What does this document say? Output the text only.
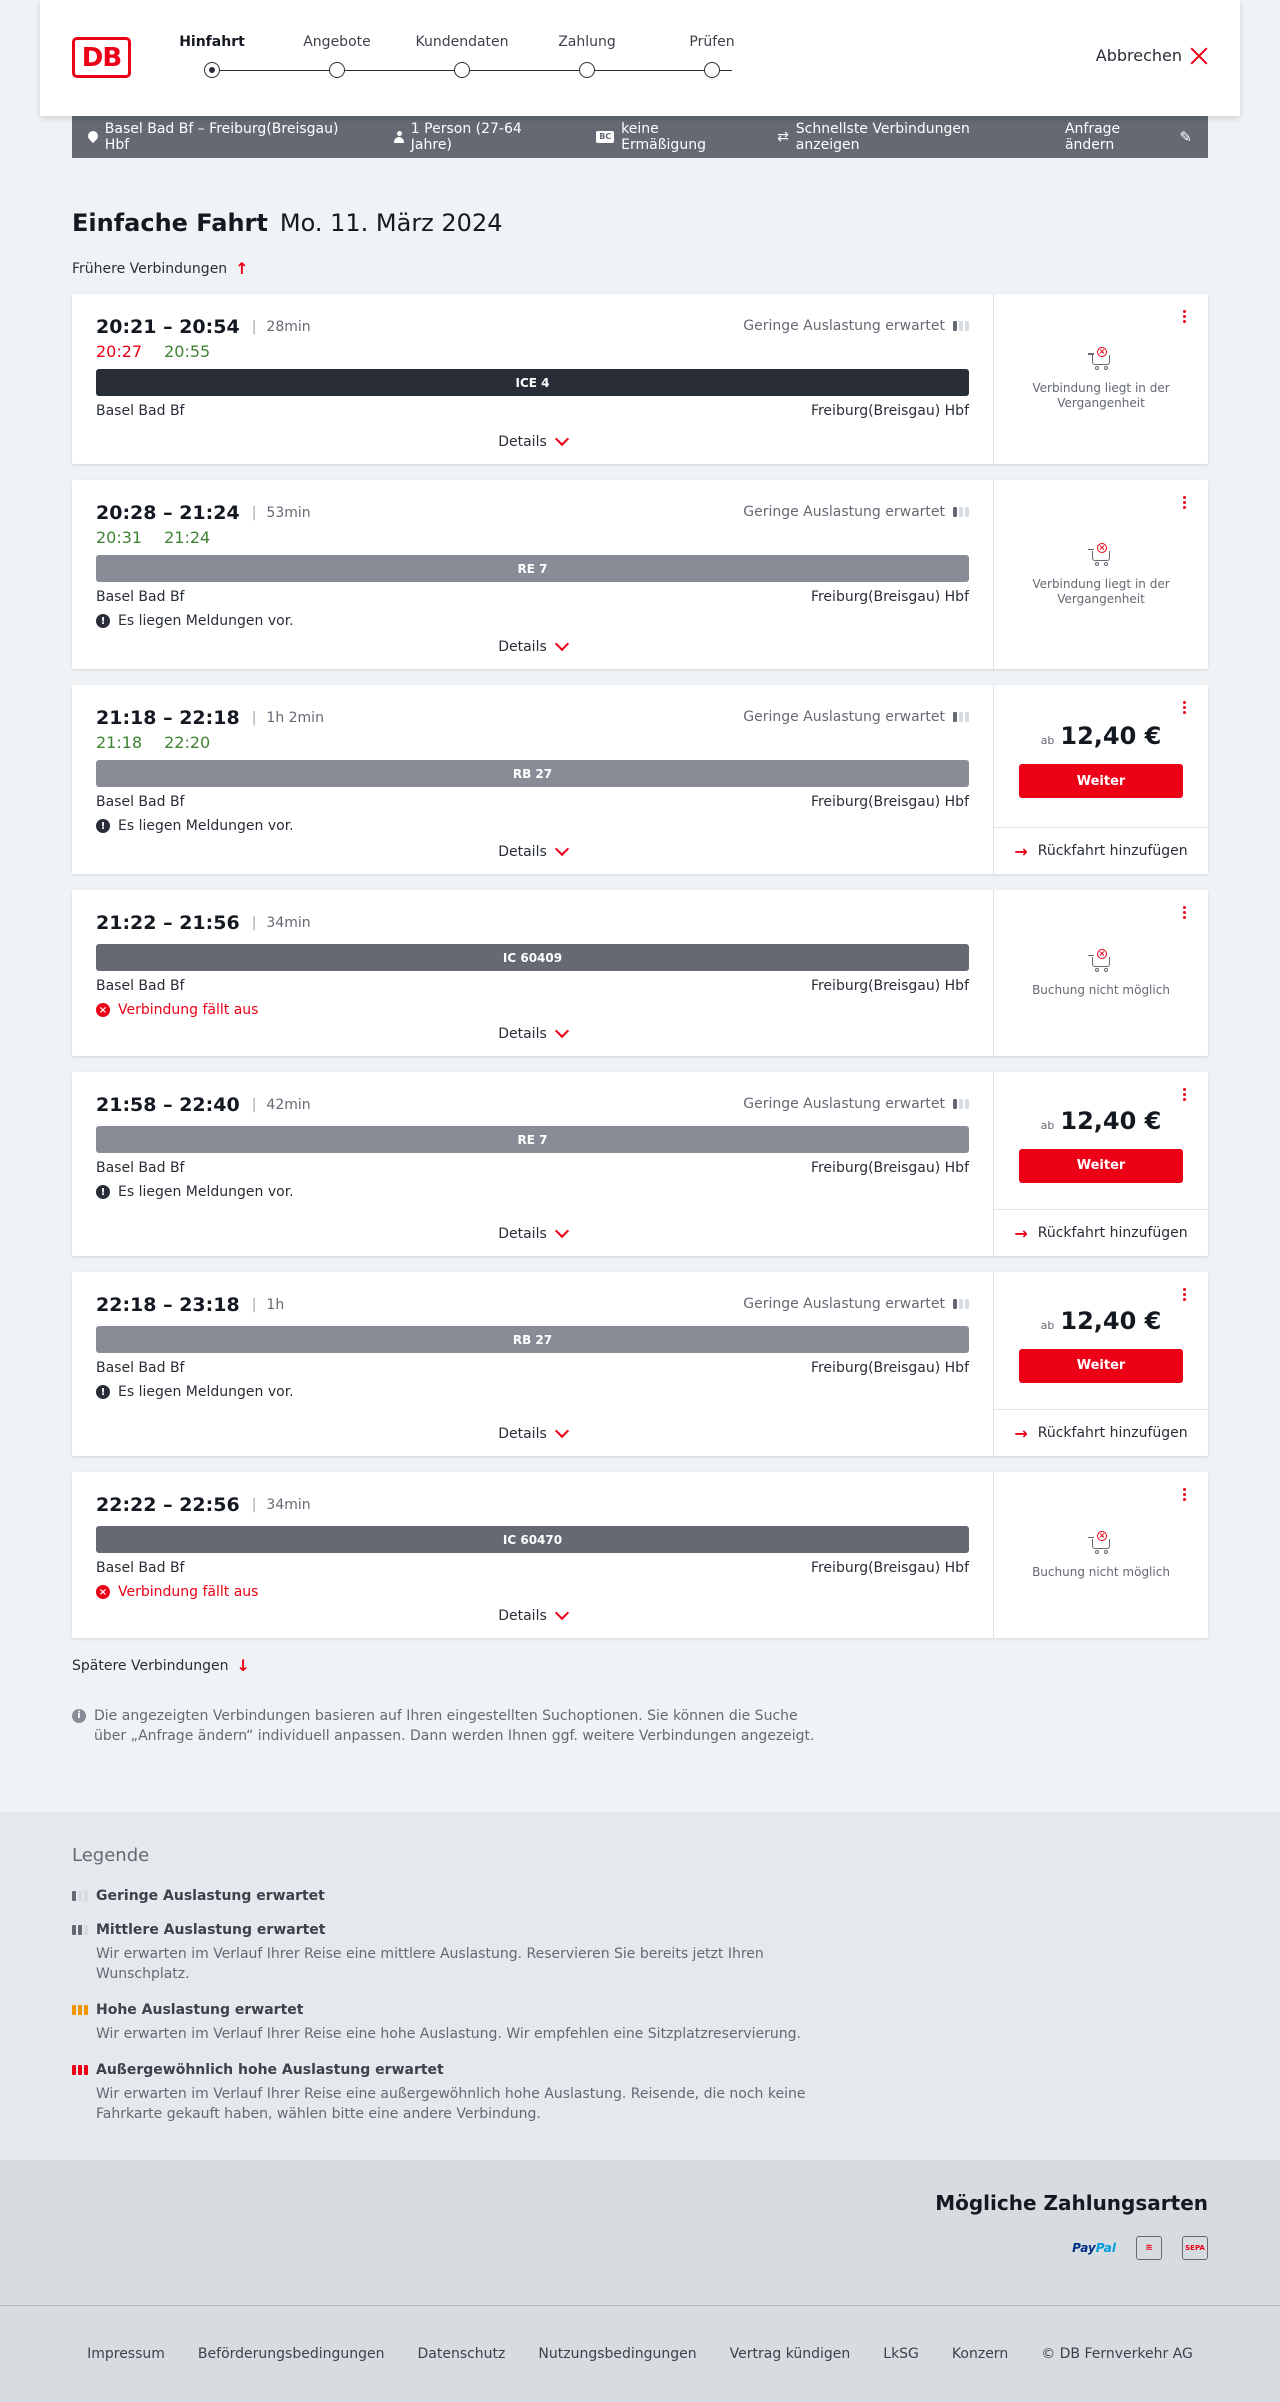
DB
Hinfahrt	Angebote	Kundendaten	Zahlung	Prüfen
Abbrechen
Basel Bad Bf – Freiburg(Breisgau) Hbf
1 Person (27-64 Jahre)
BC keine Ermäßigung	⇄ Schnellste Verbindungen anzeigen
Anfrage ändern	✎
Einfache Fahrt Mo. 11. März 2024
Frühere Verbindungen ↑
20:21 – 20:54 | 28min	Geringe Auslastung erwartet
20:27 20:55
ICE 4
Basel Bad Bf	Freiburg(Breisgau) Hbf
Details
×
Verbindung liegt in der Vergangenheit
20:28 – 21:24 | 53min	Geringe Auslastung erwartet
20:31 21:24
RE 7
Basel Bad Bf	Freiburg(Breisgau) Hbf
! Es liegen Meldungen vor.
Details
×
Verbindung liegt in der Vergangenheit
21:18 – 22:18 | 1h 2min	Geringe Auslastung erwartet
21:18 22:20
RB 27
Basel Bad Bf	Freiburg(Breisgau) Hbf
! Es liegen Meldungen vor.
Details
ab 12,40 €
Weiter
→ Rückfahrt hinzufügen
21:22 – 21:56 | 34min
IC 60409
Basel Bad Bf	Freiburg(Breisgau) Hbf
× Verbindung fällt aus
Details
×
Buchung nicht möglich
21:58 – 22:40 | 42min	Geringe Auslastung erwartet
RE 7
Basel Bad Bf	Freiburg(Breisgau) Hbf
! Es liegen Meldungen vor.
Details
ab 12,40 €
Weiter
→ Rückfahrt hinzufügen
22:18 – 23:18 | 1h	Geringe Auslastung erwartet
RB 27
Basel Bad Bf	Freiburg(Breisgau) Hbf
! Es liegen Meldungen vor.
Details
ab 12,40 €
Weiter
→ Rückfahrt hinzufügen
22:22 – 22:56 | 34min
IC 60470
Basel Bad Bf	Freiburg(Breisgau) Hbf
× Verbindung fällt aus
Details
×
Buchung nicht möglich
Spätere Verbindungen ↓
i Die angezeigten Verbindungen basieren auf Ihren eingestellten Suchoptionen. Sie können die Suche über „Anfrage ändern“ individuell anpassen. Dann werden Ihnen ggf. weitere Verbindungen angezeigt.
Legende
Geringe Auslastung erwartet
Mittlere Auslastung erwartet
Wir erwarten im Verlauf Ihrer Reise eine mittlere Auslastung. Reservieren Sie bereits jetzt Ihren Wunschplatz.
Hohe Auslastung erwartet
Wir erwarten im Verlauf Ihrer Reise eine hohe Auslastung. Wir empfehlen eine Sitzplatzreservierung.
Außergewöhnlich hohe Auslastung erwartet
Wir erwarten im Verlauf Ihrer Reise eine außergewöhnlich hohe Auslastung. Reisende, die noch keine Fahrkarte gekauft haben, wählen bitte eine andere Verbindung.
Mögliche Zahlungsarten
PayPal	≋	SEPA
Impressum Beförderungsbedingungen Datenschutz Nutzungsbedingungen Vertrag kündigen LkSG Konzern © DB Fernverkehr AG
